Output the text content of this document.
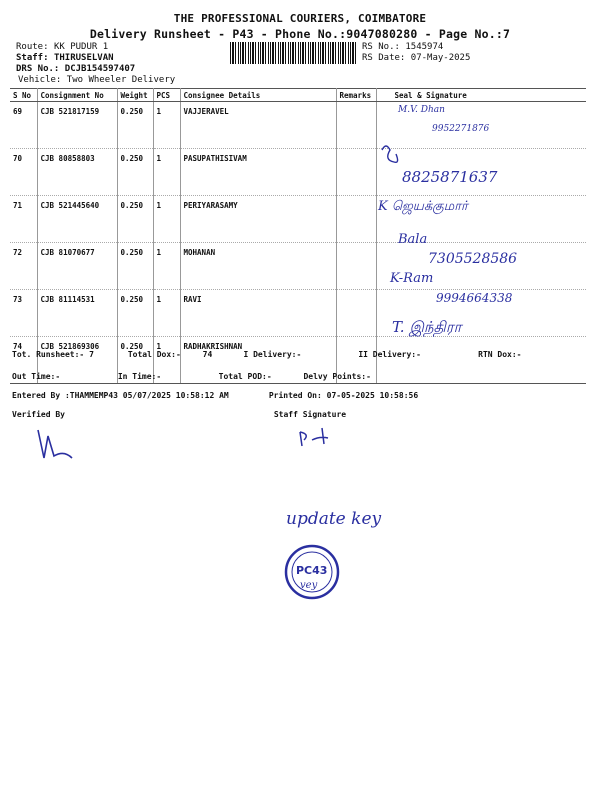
THE PROFESSIONAL COURIERS, COIMBATORE
Delivery Runsheet - P43 - Phone No.:9047080280 - Page No.:7
Route: KK PUDUR 1
Staff: THIRUSELVAN
DRS No.: DCJB154597407
Vehicle: Two Wheeler Delivery
RS No.: 1545974
RS Date: 07-May-2025
S No	Consignment No	Weight	PCS	Consignee Details	Remarks	Seal & Signature
69	CJB 521817159	0.250	1	VAJJERAVEL		
70	CJB 80858803	0.250	1	PASUPATHISIVAM		
71	CJB 521445640	0.250	1	PERIYARASAMY		
72	CJB 81070677	0.250	1	MOHANAN		
73	CJB 81114531	0.250	1	RAVI		
74	CJB 521869306	0.250	1	RADHAKRISHNAN		
M.V. Dhan
9952271876
8825871637
K ஜெயக்குமார்
Bala
7305528586
K-Ram
9994664338
T. இந்திரா
update key
PC43
vey
Tot. Runsheet:- 7	Total Dox:-	74	I Delivery:-	II Delivery:-	RTN Dox:-
Out Time:-	In Time:-	Total POD:-	Delvy Points:-
Entered By :THAMMEMP43 05/07/2025 10:58:12 AM	Printed On: 07-05-2025 10:58:56
Verified By	Staff Signature
